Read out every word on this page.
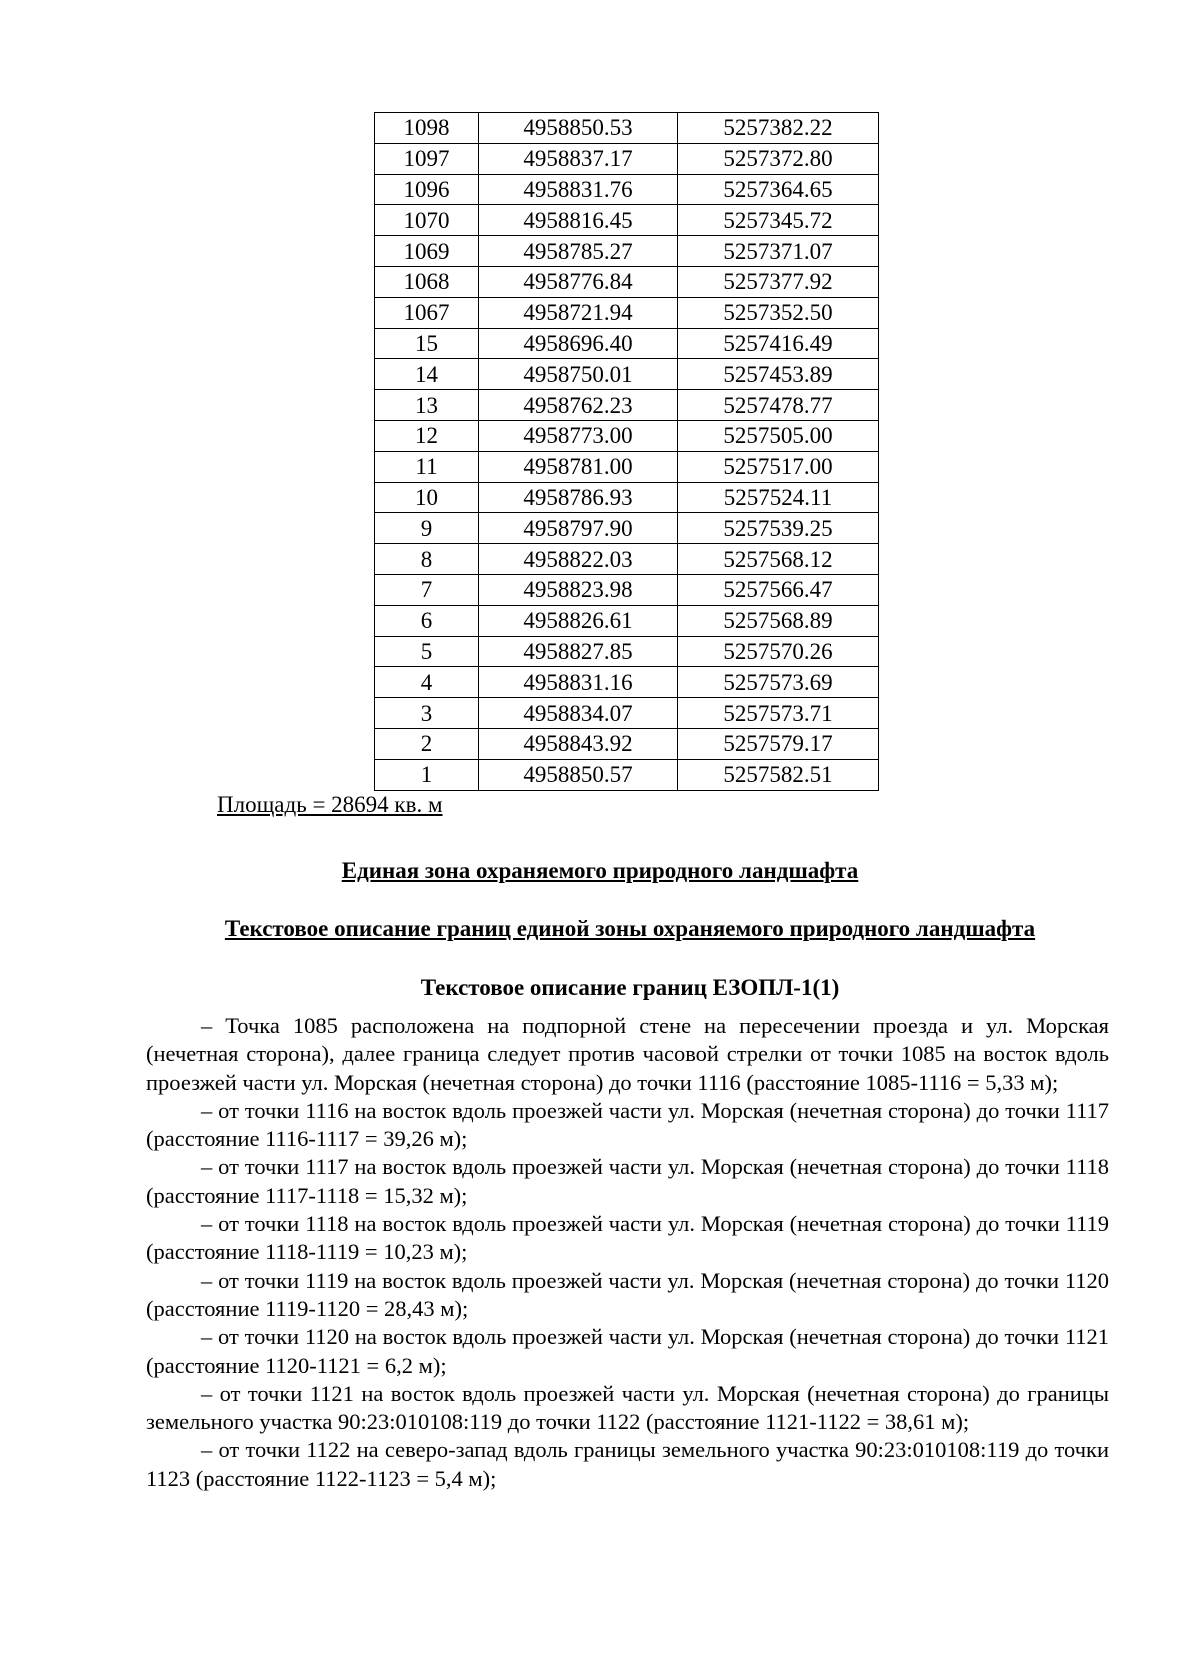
1098	4958850.53	5257382.22
1097	4958837.17	5257372.80
1096	4958831.76	5257364.65
1070	4958816.45	5257345.72
1069	4958785.27	5257371.07
1068	4958776.84	5257377.92
1067	4958721.94	5257352.50
15	4958696.40	5257416.49
14	4958750.01	5257453.89
13	4958762.23	5257478.77
12	4958773.00	5257505.00
11	4958781.00	5257517.00
10	4958786.93	5257524.11
9	4958797.90	5257539.25
8	4958822.03	5257568.12
7	4958823.98	5257566.47
6	4958826.61	5257568.89
5	4958827.85	5257570.26
4	4958831.16	5257573.69
3	4958834.07	5257573.71
2	4958843.92	5257579.17
1	4958850.57	5257582.51
Площадь = 28694 кв. м
Единая зона охраняемого природного ландшафта
Текстовое описание границ единой зоны охраняемого природного ландшафта
Текстовое описание границ ЕЗОПЛ-1(1)

– Точка 1085 расположена на подпорной стене на пересечении проезда и ул. Морская (нечетная сторона), далее граница следует против часовой стрелки от точки 1085 на восток вдоль проезжей части ул. Морская (нечетная сторона) до точки 1116 (расстояние 1085-1116 = 5,33 м);

– от точки 1116 на восток вдоль проезжей части ул. Морская (нечетная сторона) до точки 1117 (расстояние 1116-1117 = 39,26 м);

– от точки 1117 на восток вдоль проезжей части ул. Морская (нечетная сторона) до точки 1118 (расстояние 1117-1118 = 15,32 м);

– от точки 1118 на восток вдоль проезжей части ул. Морская (нечетная сторона) до точки 1119 (расстояние 1118-1119 = 10,23 м);

– от точки 1119 на восток вдоль проезжей части ул. Морская (нечетная сторона) до точки 1120 (расстояние 1119-1120 = 28,43 м);

– от точки 1120 на восток вдоль проезжей части ул. Морская (нечетная сторона) до точки 1121 (расстояние 1120-1121 = 6,2 м);

– от точки 1121 на восток вдоль проезжей части ул. Морская (нечетная сторона) до границы земельного участка 90:23:010108:119 до точки 1122 (расстояние 1121-1122 = 38,61 м);

– от точки 1122 на северо-запад вдоль границы земельного участка 90:23:010108:119 до точки 1123 (расстояние 1122-1123 = 5,4 м);
